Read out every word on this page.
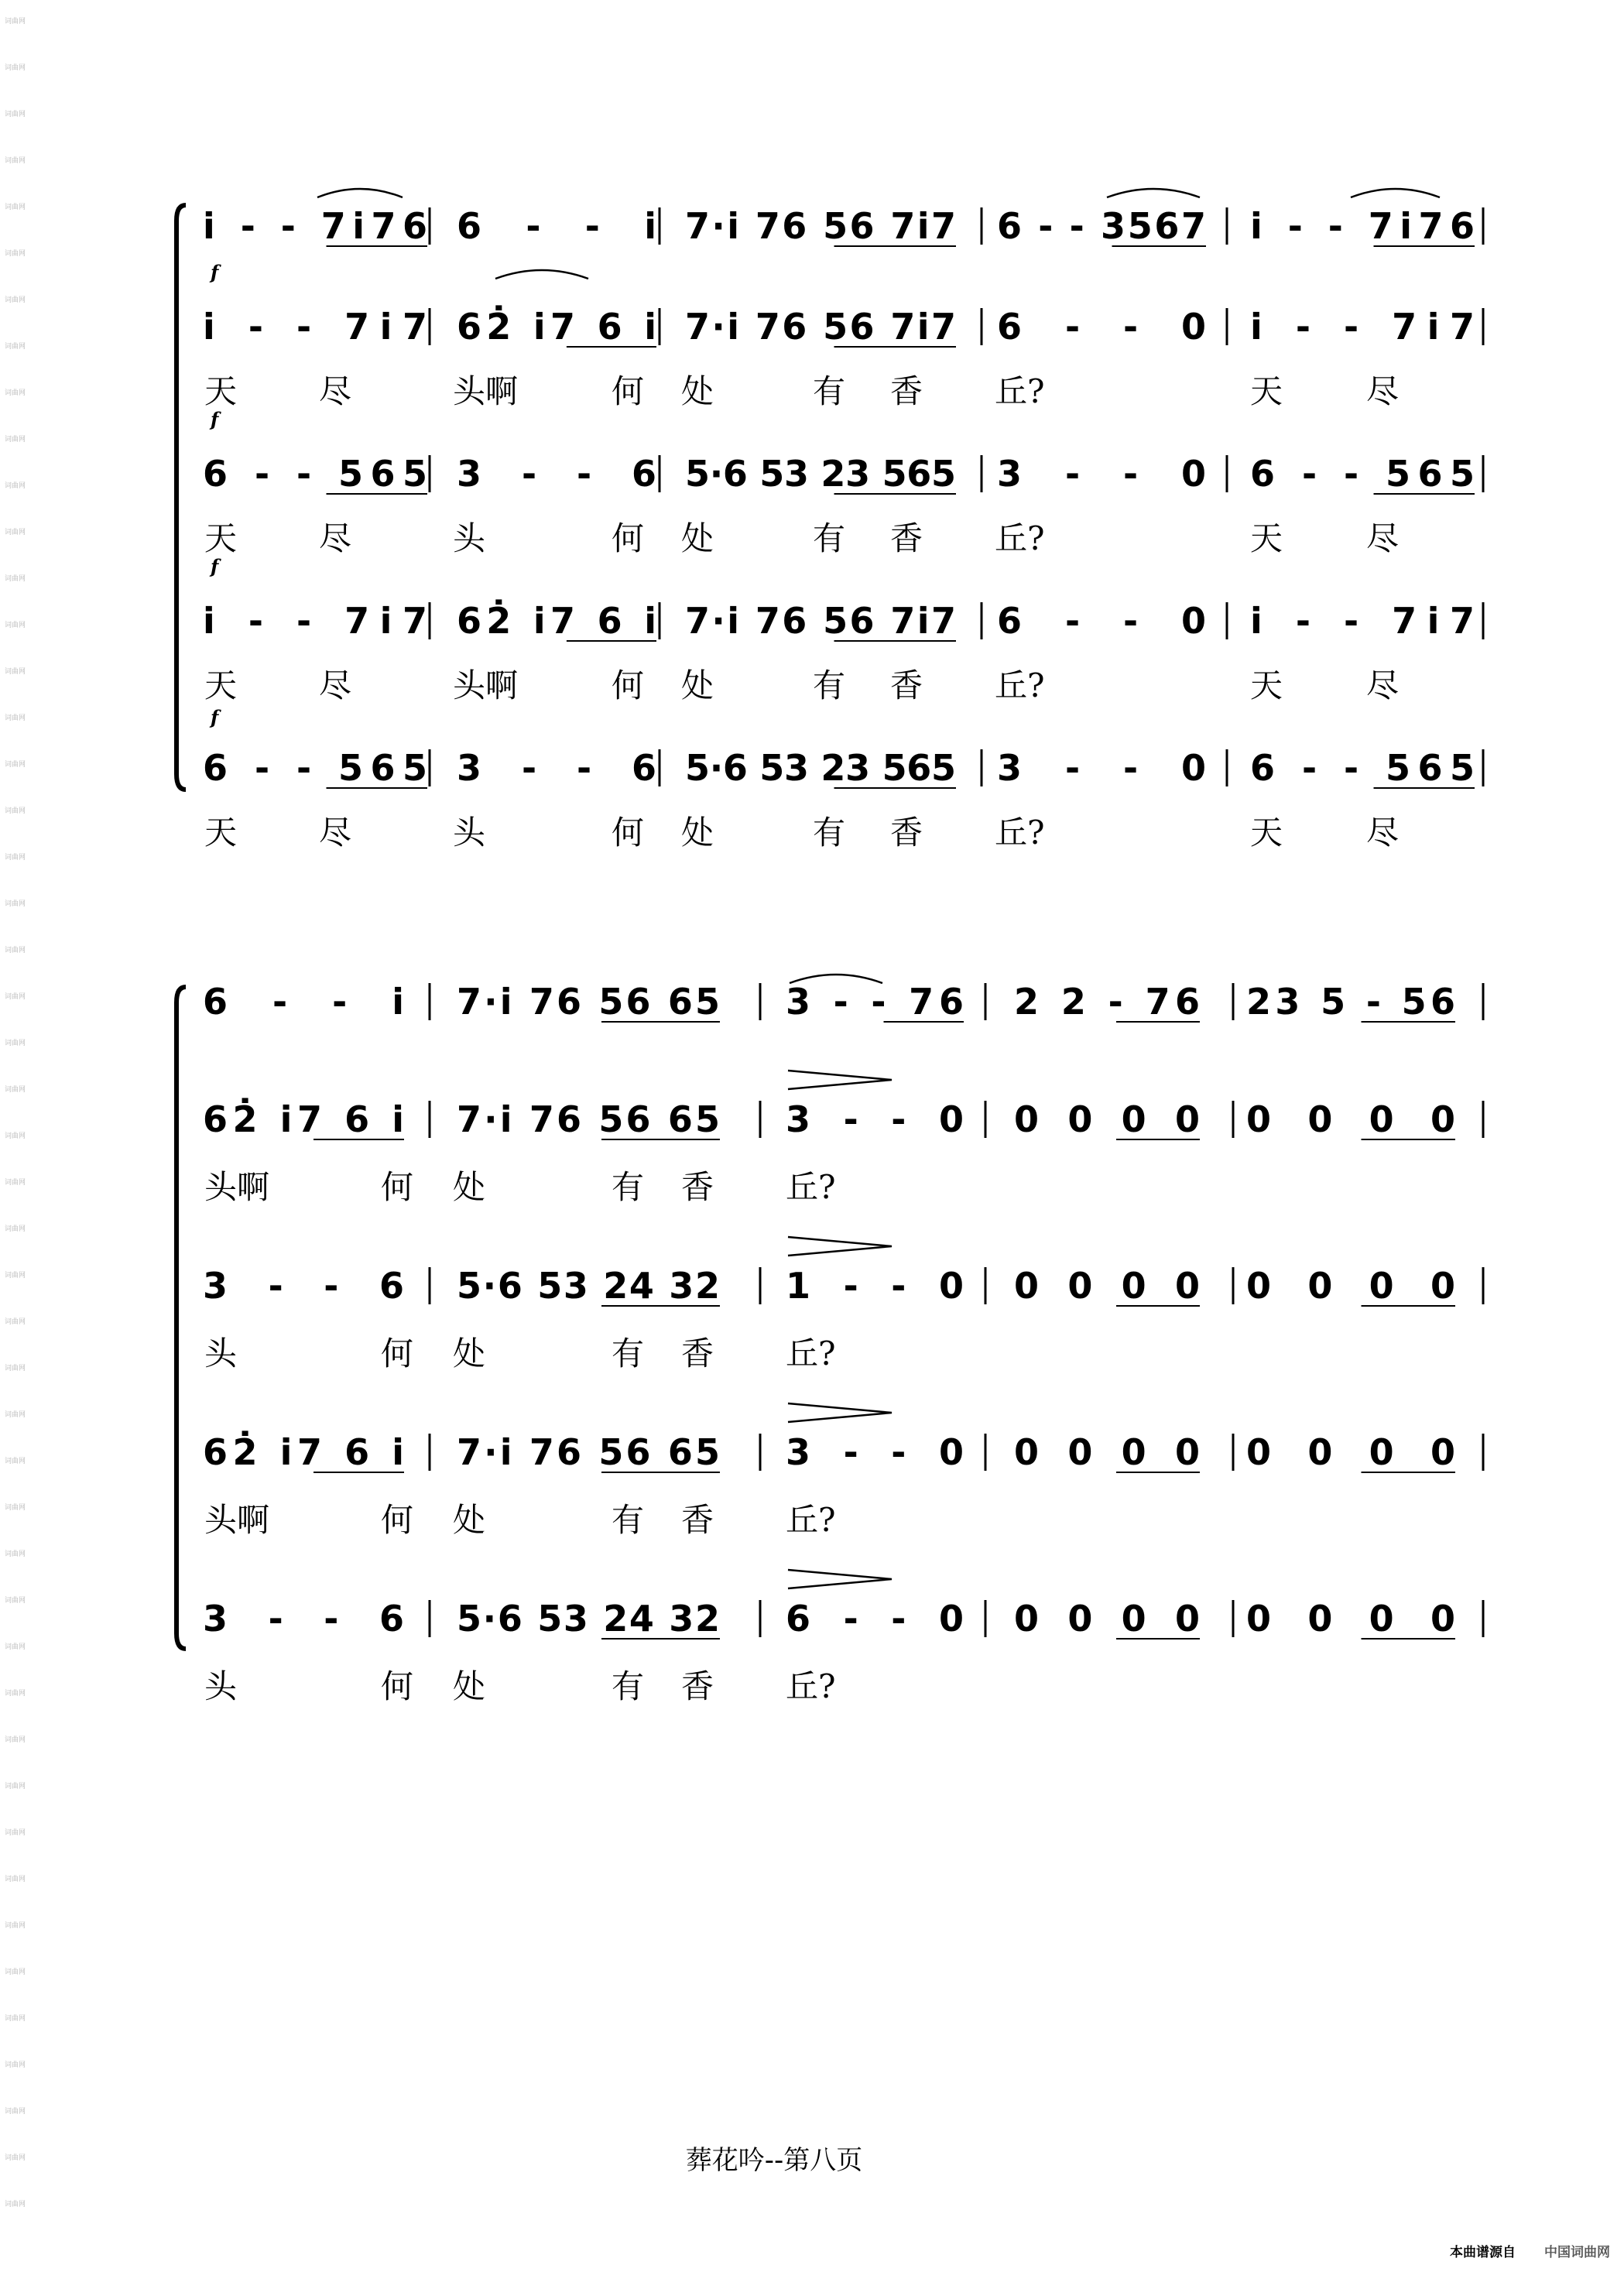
词曲网
词曲网
词曲网
词曲网
词曲网
词曲网
词曲网
词曲网
词曲网
词曲网
词曲网
词曲网
词曲网
词曲网
词曲网
词曲网
词曲网
词曲网
词曲网
词曲网
词曲网
词曲网
词曲网
词曲网
词曲网
词曲网
词曲网
词曲网
词曲网
词曲网
词曲网
词曲网
词曲网
词曲网
词曲网
词曲网
词曲网
词曲网
词曲网
词曲网
词曲网
词曲网
词曲网
词曲网
词曲网
词曲网
词曲网
词曲网
f
f
f
f
i̇ - - 7i̇76 6 - - i̇ 7·i̇ 76 56 7i̇7 6 - - 3567 i̇ - - 7i̇76
i̇ - - 7i̇7 62̇ i̇7 6 i̇ 7·i̇ 76 56 7i̇7 6 - - 0 i̇ - - 7i̇7
6 - - 565 3 - - 6 5·6 53 23 565 3 - - 0 6 - - 565
i̇ - - 7i̇7 62̇ i̇7 6 i̇ 7·i̇ 76 56 7i̇7 6 - - 0 i̇ - - 7i̇7
6 - - 565 3 - - 6 5·6 53 23 565 3 - - 0 6 - - 565
6 - - i̇ 7·i̇ 76 56 65 3 - - 76 2 2 - 76 23 5 - 56
62̇ i̇7 6 i̇ 7·i̇ 76 56 65 3 - - 0 0 0 0 0 0 0 0 0
3 - - 6 5·6 53 24 32 1 - - 0 0 0 0 0 0 0 0 0
62̇ i̇7 6 i̇ 7·i̇ 76 56 65 3 - - 0 0 0 0 0 0 0 0 0
3 - - 6 5·6 53 24 32 6 - - 0 0 0 0 0 0 0 0 0
天	尽	头啊	何 处	有 香 丘?	天	尽
天	尽	头	何 处	有 香 丘?	天	尽
天	尽	头啊	何 处	有 香 丘?	天	尽
天	尽	头	何 处	有 香 丘?	天	尽
头啊	何 处	有 香 丘?
头	何 处	有 香 丘?
头啊	何 处	有 香 丘?
头	何 处	有 香 丘?
葬花吟--第八页
本曲谱源自 中国词曲网
